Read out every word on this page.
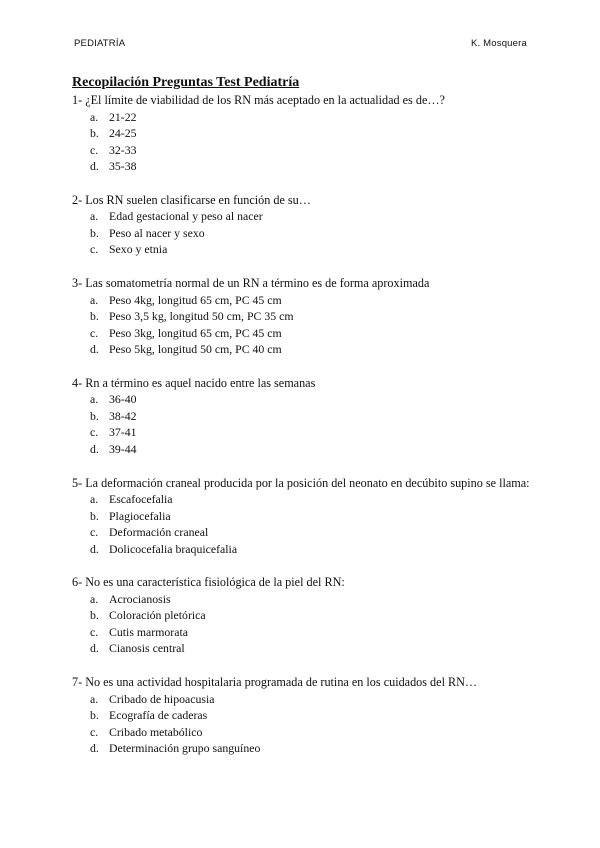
PEDIATRÍA	K. Mosquera
Recopilación Preguntas Test Pediatría

1- ¿El límite de viabilidad de los RN más aceptado en la actualidad es de…?

a. 21-22
b. 24-25
c. 32-33
d. 35-38

2- Los RN suelen clasificarse en función de su…

a. Edad gestacional y peso al nacer
b. Peso al nacer y sexo
c. Sexo y etnia

3- Las somatometría normal de un RN a término es de forma aproximada

a. Peso 4kg, longitud 65 cm, PC 45 cm
b. Peso 3,5 kg, longitud 50 cm, PC 35 cm
c. Peso 3kg, longitud 65 cm, PC 45 cm
d. Peso 5kg, longitud 50 cm, PC 40 cm

4- Rn a término es aquel nacido entre las semanas

a. 36-40
b. 38-42
c. 37-41
d. 39-44

5- La deformación craneal producida por la posición del neonato en decúbito supino se llama:

a. Escafocefalia
b. Plagiocefalia
c. Deformación craneal
d. Dolicocefalia braquicefalia

6- No es una característica fisiológica de la piel del RN:

a. Acrocianosis
b. Coloración pletórica
c. Cutis marmorata
d. Cianosis central

7- No es una actividad hospitalaria programada de rutina en los cuidados del RN…

a. Cribado de hipoacusia
b. Ecografía de caderas
c. Cribado metabólico
d. Determinación grupo sanguíneo
